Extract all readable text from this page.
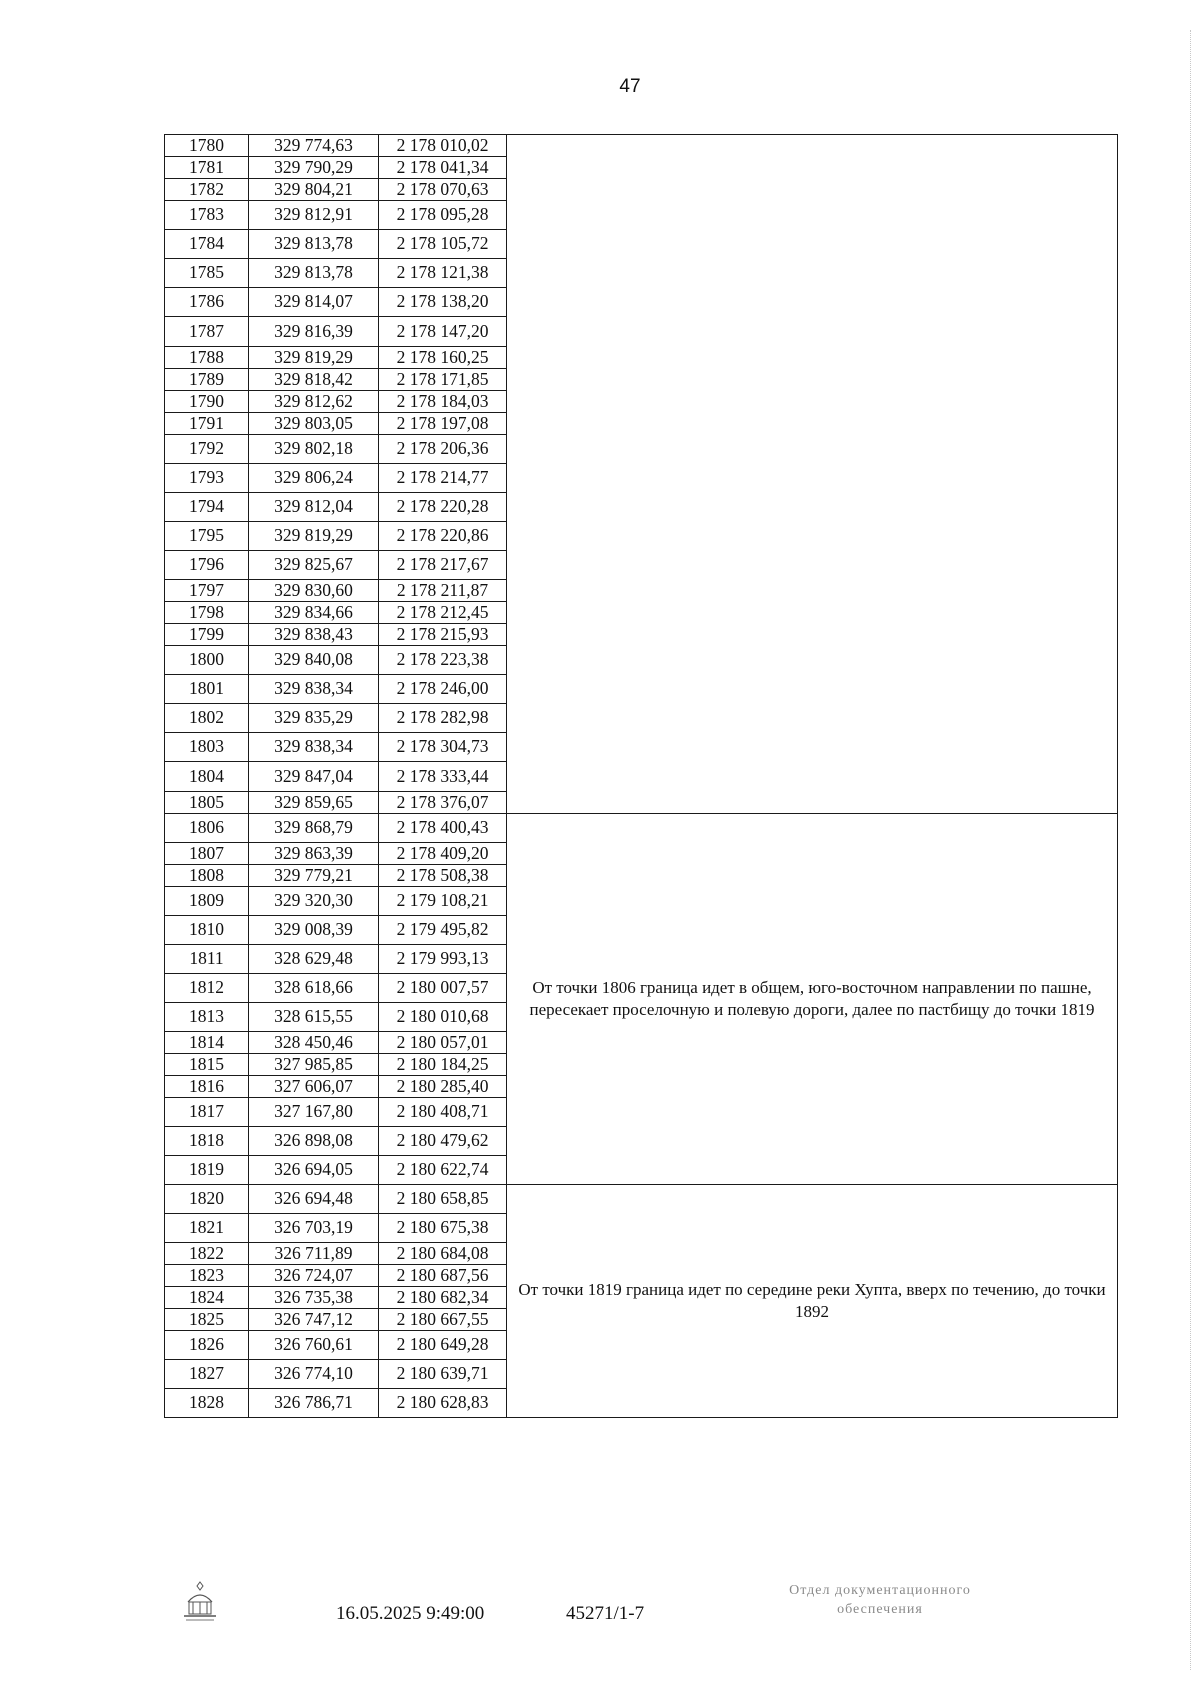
47
1780	329 774,63	2 178 010,02	
1781	329 790,29	2 178 041,34	
1782	329 804,21	2 178 070,63	
1783	329 812,91	2 178 095,28	
1784	329 813,78	2 178 105,72	
1785	329 813,78	2 178 121,38	
1786	329 814,07	2 178 138,20	
1787	329 816,39	2 178 147,20	
1788	329 819,29	2 178 160,25	
1789	329 818,42	2 178 171,85	
1790	329 812,62	2 178 184,03	
1791	329 803,05	2 178 197,08	
1792	329 802,18	2 178 206,36	
1793	329 806,24	2 178 214,77	
1794	329 812,04	2 178 220,28	
1795	329 819,29	2 178 220,86	
1796	329 825,67	2 178 217,67	
1797	329 830,60	2 178 211,87	
1798	329 834,66	2 178 212,45	
1799	329 838,43	2 178 215,93	
1800	329 840,08	2 178 223,38	
1801	329 838,34	2 178 246,00	
1802	329 835,29	2 178 282,98	
1803	329 838,34	2 178 304,73	
1804	329 847,04	2 178 333,44	
1805	329 859,65	2 178 376,07	
1806	329 868,79	2 178 400,43	От точки 1806 граница идет в общем, юго-восточном направлении по пашне, пересекает проселочную и полевую дороги, далее по пастбищу до точки 1819
1807	329 863,39	2 178 409,20	
1808	329 779,21	2 178 508,38	
1809	329 320,30	2 179 108,21	
1810	329 008,39	2 179 495,82	
1811	328 629,48	2 179 993,13	
1812	328 618,66	2 180 007,57	
1813	328 615,55	2 180 010,68	
1814	328 450,46	2 180 057,01	
1815	327 985,85	2 180 184,25	
1816	327 606,07	2 180 285,40	
1817	327 167,80	2 180 408,71	
1818	326 898,08	2 180 479,62	
1819	326 694,05	2 180 622,74	
1820	326 694,48	2 180 658,85	От точки 1819 граница идет по середине реки Хупта, вверх по течению, до точки 1892
1821	326 703,19	2 180 675,38	
1822	326 711,89	2 180 684,08	
1823	326 724,07	2 180 687,56	
1824	326 735,38	2 180 682,34	
1825	326 747,12	2 180 667,55	
1826	326 760,61	2 180 649,28	
1827	326 774,10	2 180 639,71	
1828	326 786,71	2 180 628,83	
16.05.2025 9:49:00	45271/1-7
Отдел документационного
обеспечения
